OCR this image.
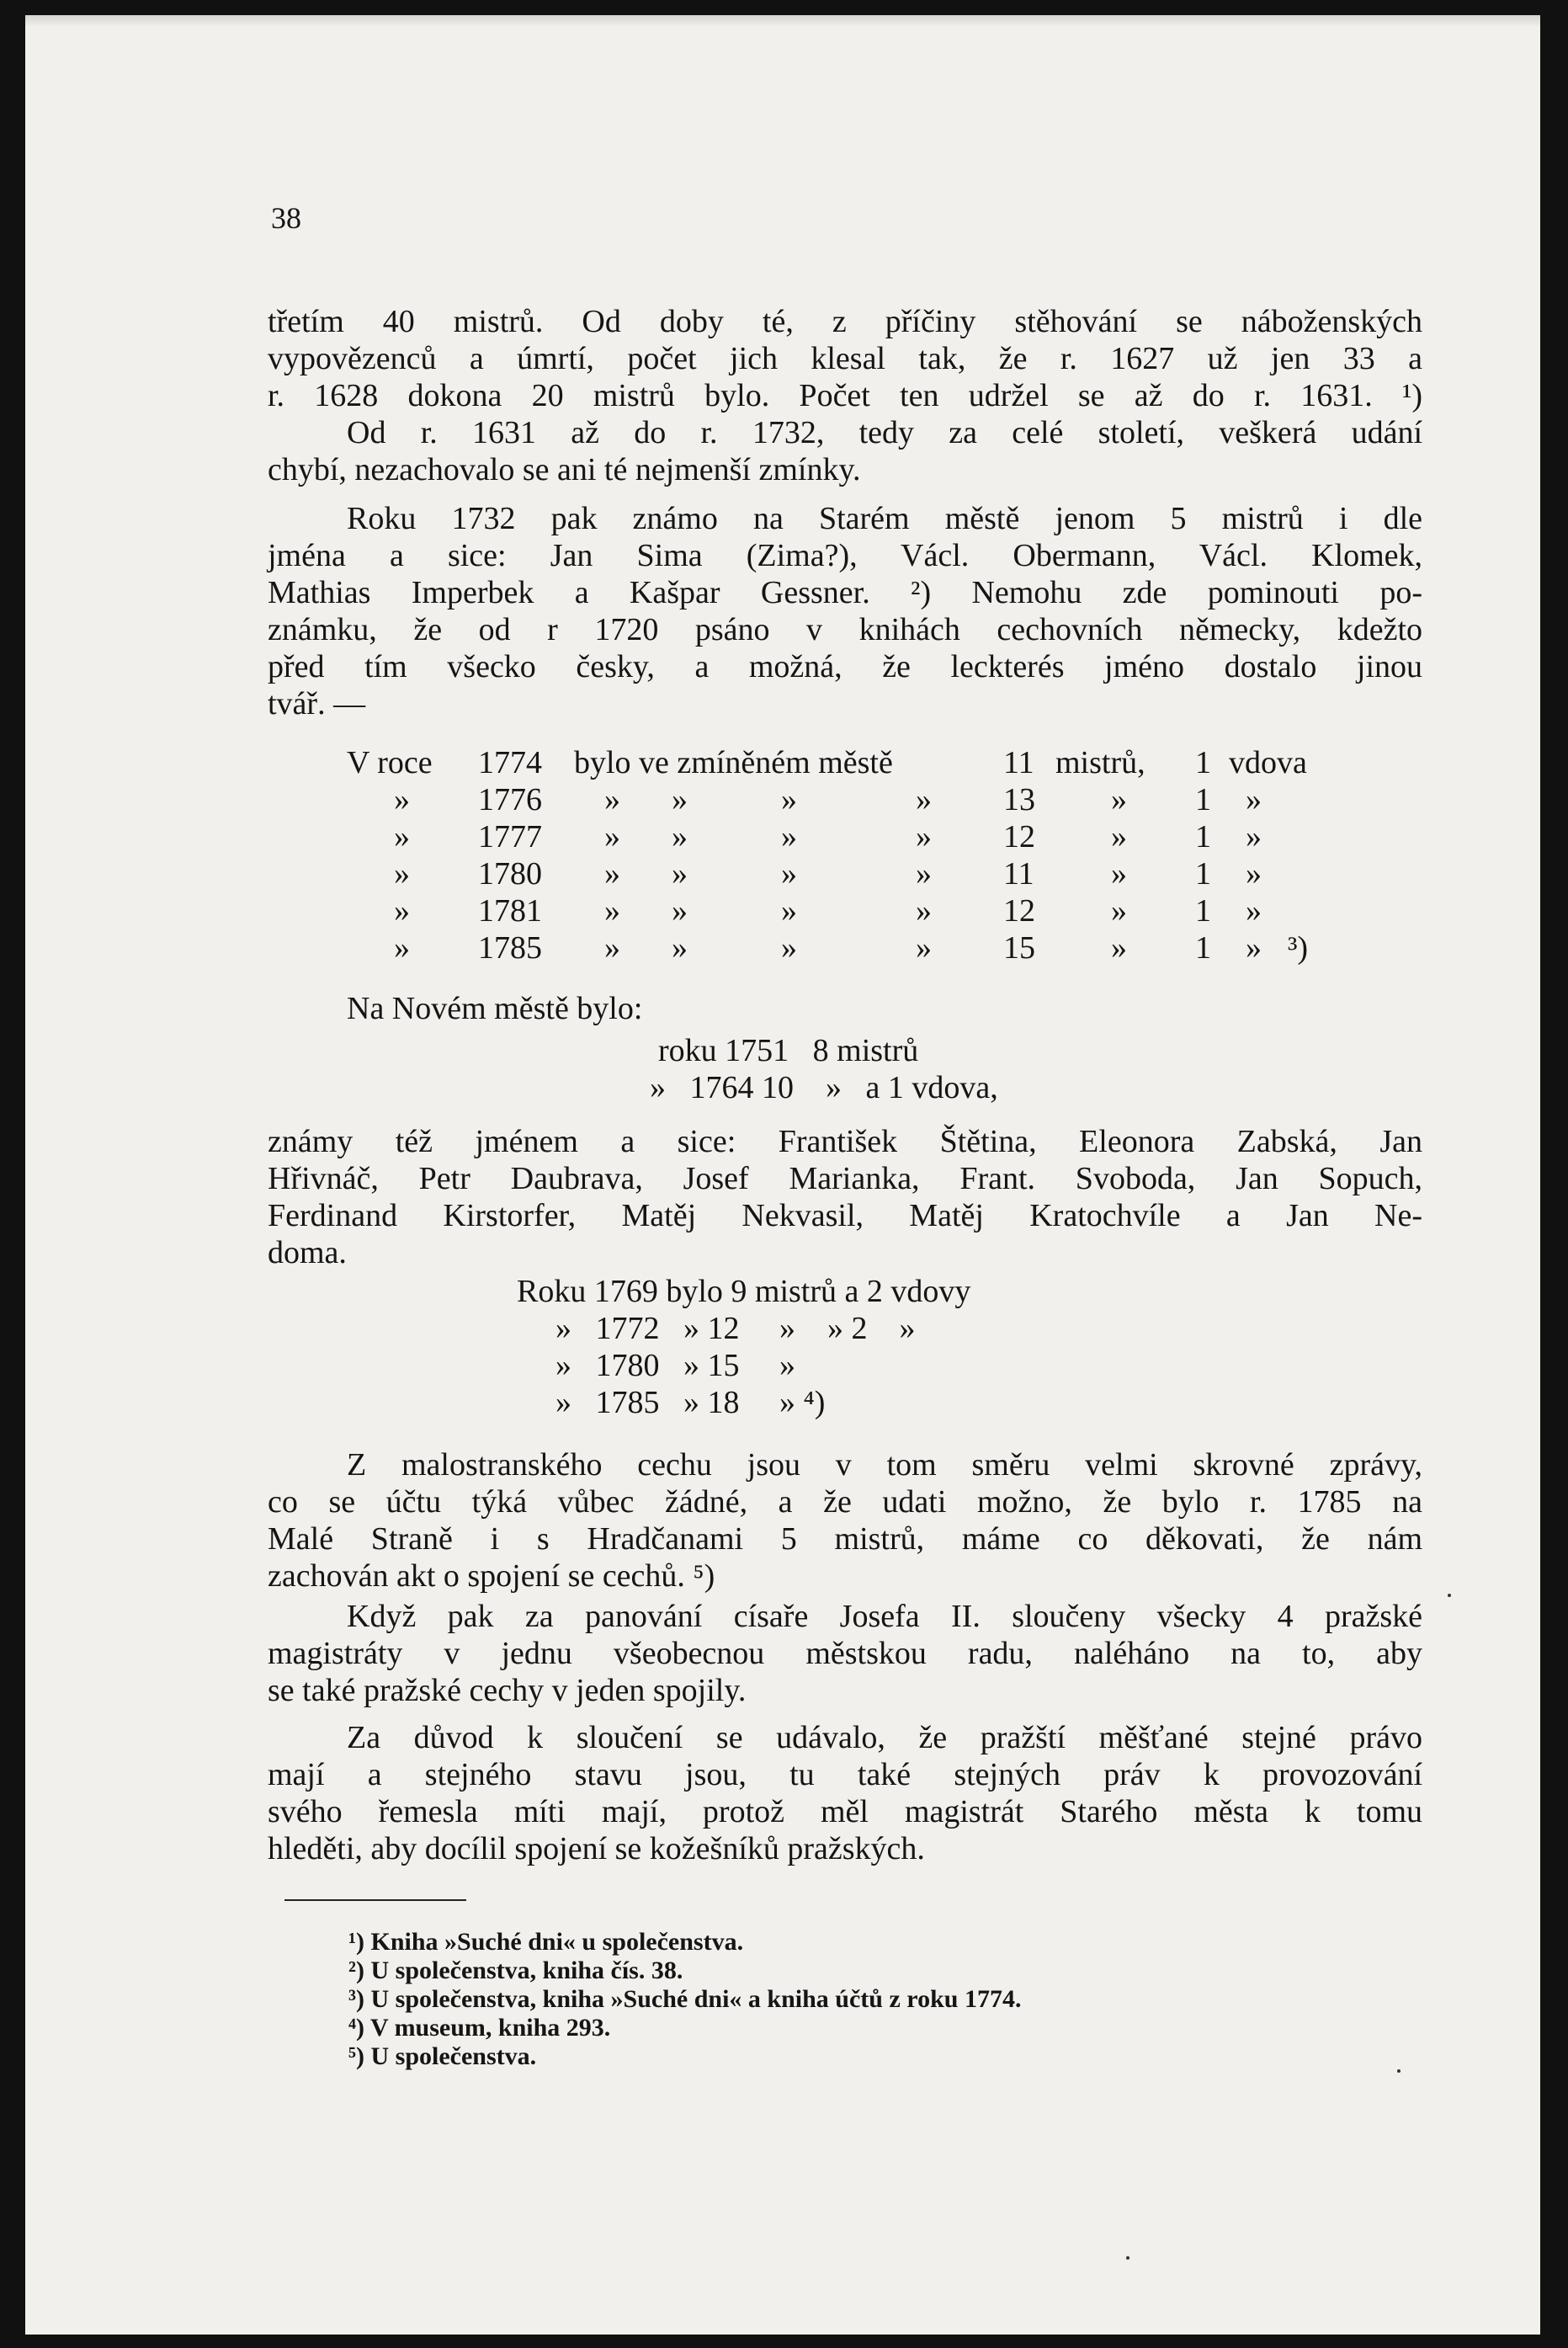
38
třetím 40 mistrů. Od doby té, z příčiny stěhování se náboženských
vypovězenců a úmrtí, počet jich klesal tak, že r. 1627 už jen 33 a
r. 1628 dokona 20 mistrů bylo. Počet ten udržel se až do r. 1631. ¹)
Od r. 1631 až do r. 1732, tedy za celé století, veškerá udání
chybí, nezachovalo se ani té nejmenší zmínky.
Roku 1732 pak známo na Starém městě jenom 5 mistrů i dle
jména a sice: Jan Sima (Zima?), Václ. Obermann, Václ. Klomek,
Mathias Imperbek a Kašpar Gessner. ²) Nemohu zde pominouti po-
známku, že od r 1720 psáno v knihách cechovních německy, kdežto
před tím všecko česky, a možná, že leckterés jméno dostalo jinou
tvář. —
V roce 1774 bylo ve zmíněném městě	11 mistrů, 1 vdova
» 1776 » »	»	» 13 » 1 »
» 1777 » »	»	» 12 » 1 »
» 1780 » »	»	» 11 » 1 »
» 1781 » »	»	» 12 » 1 »
» 1785 » »	»	» 15 » 1 » ³)
Na Novém městě bylo:
roku 1751   8 mistrů
»   1764 10    »   a 1 vdova,
známy též jménem a sice: František Štětina, Eleonora Zabská, Jan
Hřivnáč, Petr Daubrava, Josef Marianka, Frant. Svoboda, Jan Sopuch,
Ferdinand Kirstorfer, Matěj Nekvasil, Matěj Kratochvíle a Jan Ne-
doma.
Roku 1769 bylo 9 mistrů a 2 vdovy
»   1772   » 12     »    » 2    »
»   1780   » 15     »
»   1785   » 18     » ⁴)
Z malostranského cechu jsou v tom směru velmi skrovné zprávy,
co se účtu týká vůbec žádné, a že udati možno, že bylo r. 1785 na
Malé Straně i s Hradčanami 5 mistrů, máme co děkovati, že nám
zachován akt o spojení se cechů. ⁵)
Když pak za panování císaře Josefa II. sloučeny všecky 4 pražské
magistráty v jednu všeobecnou městskou radu, naléháno na to, aby
se také pražské cechy v jeden spojily.
Za důvod k sloučení se udávalo, že pražští měšťané stejné právo
mají a stejného stavu jsou, tu také stejných práv k provozování
svého řemesla míti mají, protož měl magistrát Starého města k tomu
hleděti, aby docílil spojení se kožešníků pražských.
¹) Kniha »Suché dni« u společenstva.
²) U společenstva, kniha čís. 38.
³) U společenstva, kniha »Suché dni« a kniha účtů z roku 1774.
⁴) V museum, kniha 293.
⁵) U společenstva.
